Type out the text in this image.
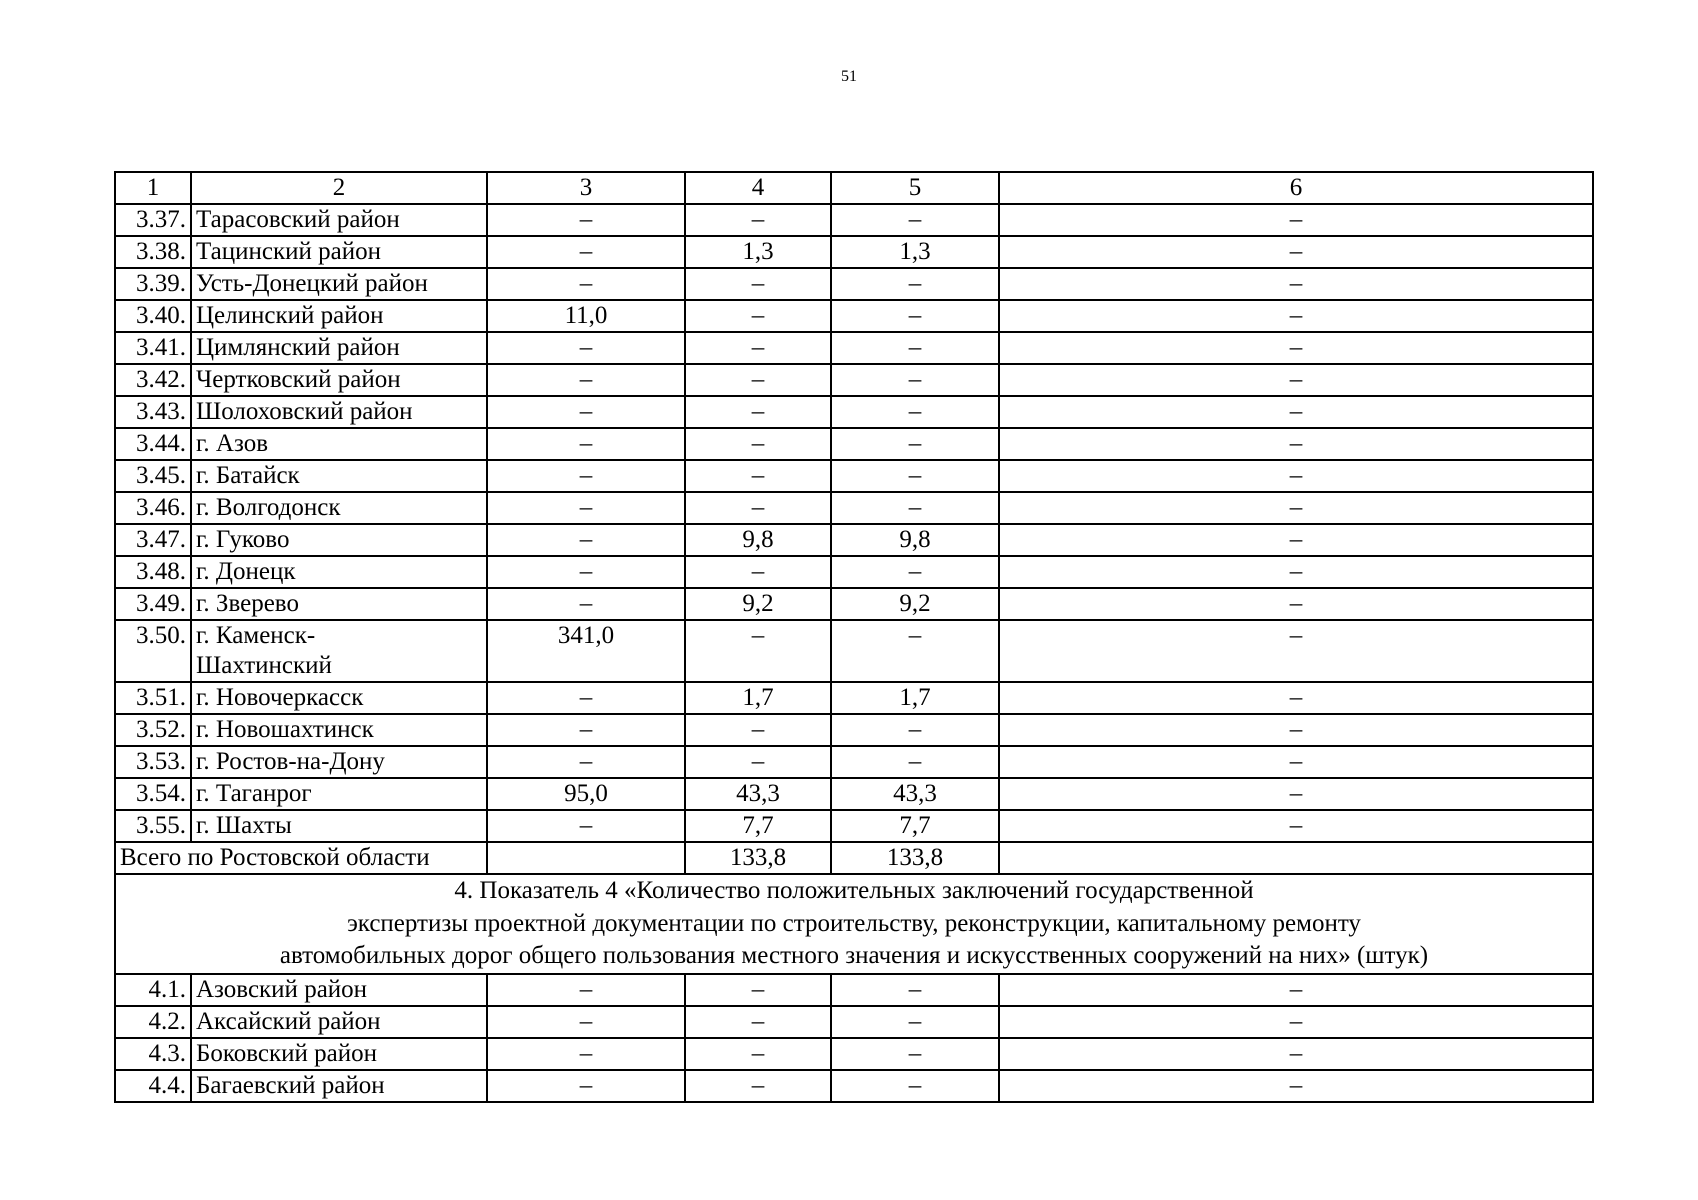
51
1	2	3	4	5	6
3.37.	Тарасовский район	–	–	–	–
3.38.	Тацинский район	–	1,3	1,3	–
3.39.	Усть-Донецкий район	–	–	–	–
3.40.	Целинский район	11,0	–	–	–
3.41.	Цимлянский район	–	–	–	–
3.42.	Чертковский район	–	–	–	–
3.43.	Шолоховский район	–	–	–	–
3.44.	г. Азов	–	–	–	–
3.45.	г. Батайск	–	–	–	–
3.46.	г. Волгодонск	–	–	–	–
3.47.	г. Гуково	–	9,8	9,8	–
3.48.	г. Донецк	–	–	–	–
3.49.	г. Зверево	–	9,2	9,2	–
3.50.	г. Каменск-
Шахтинский	341,0	–	–	–
3.51.	г. Новочеркасск	–	1,7	1,7	–
3.52.	г. Новошахтинск	–	–	–	–
3.53.	г. Ростов-на-Дону	–	–	–	–
3.54.	г. Таганрог	95,0	43,3	43,3	–
3.55.	г. Шахты	–	7,7	7,7	–
Всего по Ростовской области			133,8	133,8	

4. Показатель 4 «Количество положительных заключений государственной
экспертизы проектной документации по строительству, реконструкции, капитальному ремонту
автомобильных дорог общего пользования местного значения и искусственных сооружений на них» (штук)					

4.1.	Азовский район	–	–	–	–
4.2.	Аксайский район	–	–	–	–
4.3.	Боковский район	–	–	–	–
4.4.	Багаевский район	–	–	–	–
